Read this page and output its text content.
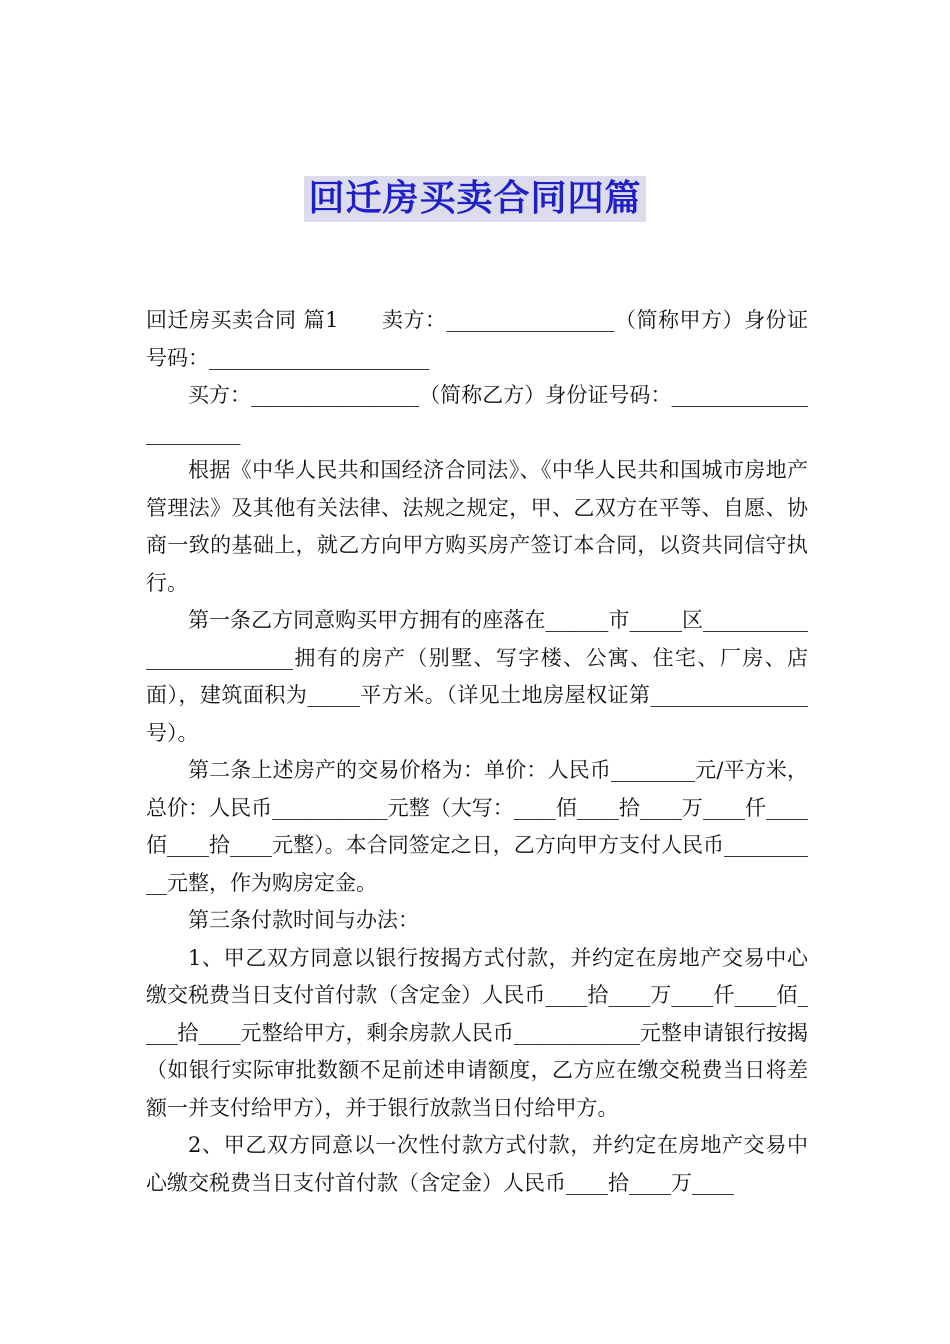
回迁房买卖合同四篇

回迁房买卖合同 篇1　　卖方：________________（简称甲方）身份证号码：_____________________

买方：________________（简称乙方）身份证号码：______________________

根据《中华人民共和国经济合同法》、《中华人民共和国城市房地产管理法》及其他有关法律、法规之规定，甲、乙双方在平等、自愿、协商一致的基础上，就乙方向甲方购买房产签订本合同，以资共同信守执行。

第一条乙方同意购买甲方拥有的座落在______市_____区________________________拥有的房产（别墅、写字楼、公寓、住宅、厂房、店面），建筑面积为_____平方米。（详见土地房屋权证第_______________号）。

第二条上述房产的交易价格为：单价：人民币________元/平方米，总价：人民币___________元整（大写：____佰____拾____万____仟____佰____拾____元整）。本合同签定之日，乙方向甲方支付人民币__________元整，作为购房定金。

第三条付款时间与办法：

1、甲乙双方同意以银行按揭方式付款，并约定在房地产交易中心缴交税费当日支付首付款（含定金）人民币____拾____万____仟____佰____拾____元整给甲方，剩余房款人民币____________元整申请银行按揭（如银行实际审批数额不足前述申请额度，乙方应在缴交税费当日将差额一并支付给甲方），并于银行放款当日付给甲方。

2、甲乙双方同意以一次性付款方式付款，并约定在房地产交易中心缴交税费当日支付首付款（含定金）人民币____拾____万____
